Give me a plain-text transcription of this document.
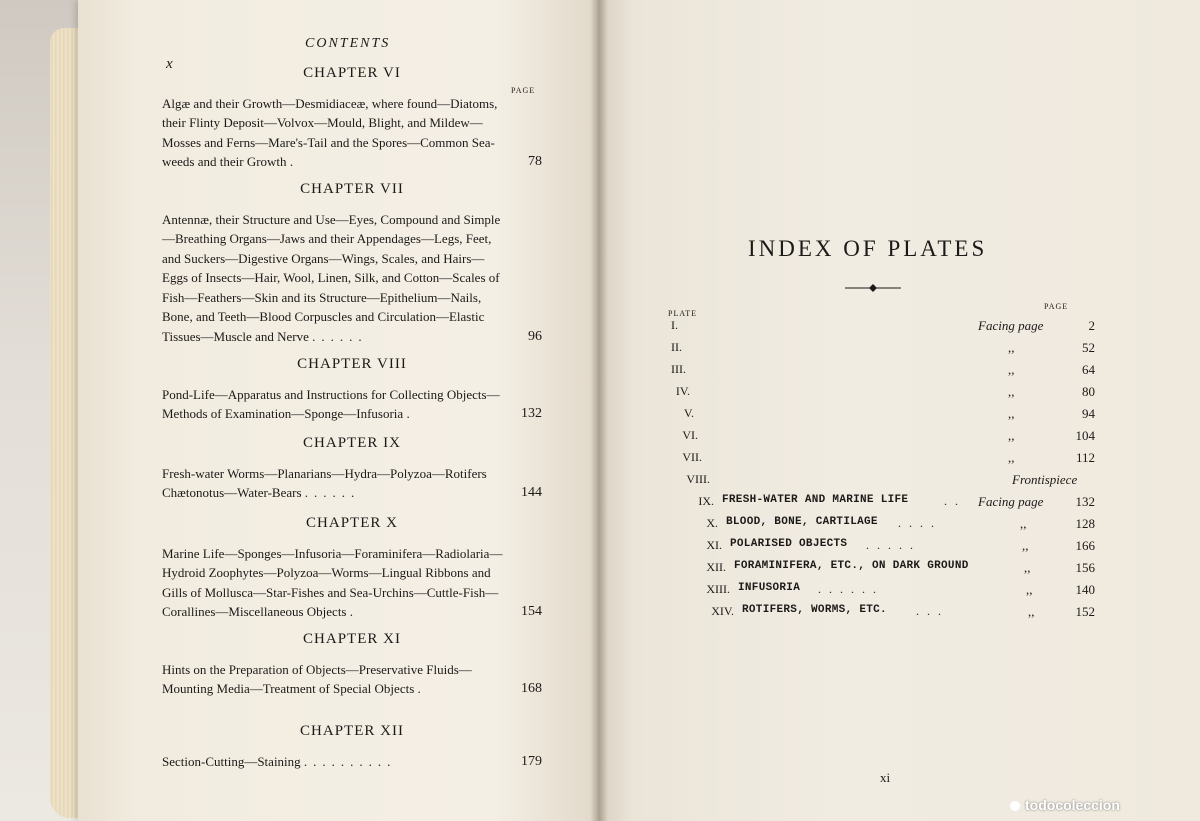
CONTENTS
x
PAGE
CHAPTER VI
Algæ and their Growth—Desmidiaceæ, where found—Diatoms, their Flinty Deposit—Volvox—Mould, Blight, and Mildew—Mosses and Ferns—Mare's-Tail and the Spores—Common Sea-weeds and their Growth .	78
CHAPTER VII
Antennæ, their Structure and Use—Eyes, Compound and Simple—Breathing Organs—Jaws and their Appendages—Legs, Feet, and Suckers—Digestive Organs—Wings, Scales, and Hairs—Eggs of Insects—Hair, Wool, Linen, Silk, and Cotton—Scales of Fish—Feathers—Skin and its Structure—Epithelium—Nails, Bone, and Teeth—Blood Corpuscles and Circulation—Elastic Tissues—Muscle and Nerve ......	96
CHAPTER VIII
Pond-Life—Apparatus and Instructions for Collecting Objects—Methods of Examination—Sponge—Infusoria .	132
CHAPTER IX
Fresh-water Worms—Planarians—Hydra—Polyzoa—Rotifers Chætonotus—Water-Bears ......	144
CHAPTER X
Marine Life—Sponges—Infusoria—Foraminifera—Radiolaria—Hydroid Zoophytes—Polyzoa—Worms—Lingual Ribbons and Gills of Mollusca—Star-Fishes and Sea-Urchins—Cuttle-Fish—Corallines—Miscellaneous Objects .	154
CHAPTER XI
Hints on the Preparation of Objects—Preservative Fluids—Mounting Media—Treatment of Special Objects .	168
CHAPTER XII
Section-Cutting—Staining ..........	179
INDEX OF PLATES
PLATE
PAGE
I.	Facing page	2
II.	,,	52
III.	,,	64
IV.	,,	80
V.	,,	94
VI.	,,	104
VII.	,,	112
VIII.	Frontispiece
IX. FRESH-WATER AND MARINE LIFE	.. Facing page 132
X. BLOOD, BONE, CARTILAGE ....	,,	128
XI. POLARISED OBJECTS .....	,,	166
XII. FORAMINIFERA, ETC., ON DARK GROUND	,,	156
XIII. INFUSORIA ......	,,	140
XIV. ROTIFERS, WORMS, ETC. ...	,,	152
xi
todocoleccion
